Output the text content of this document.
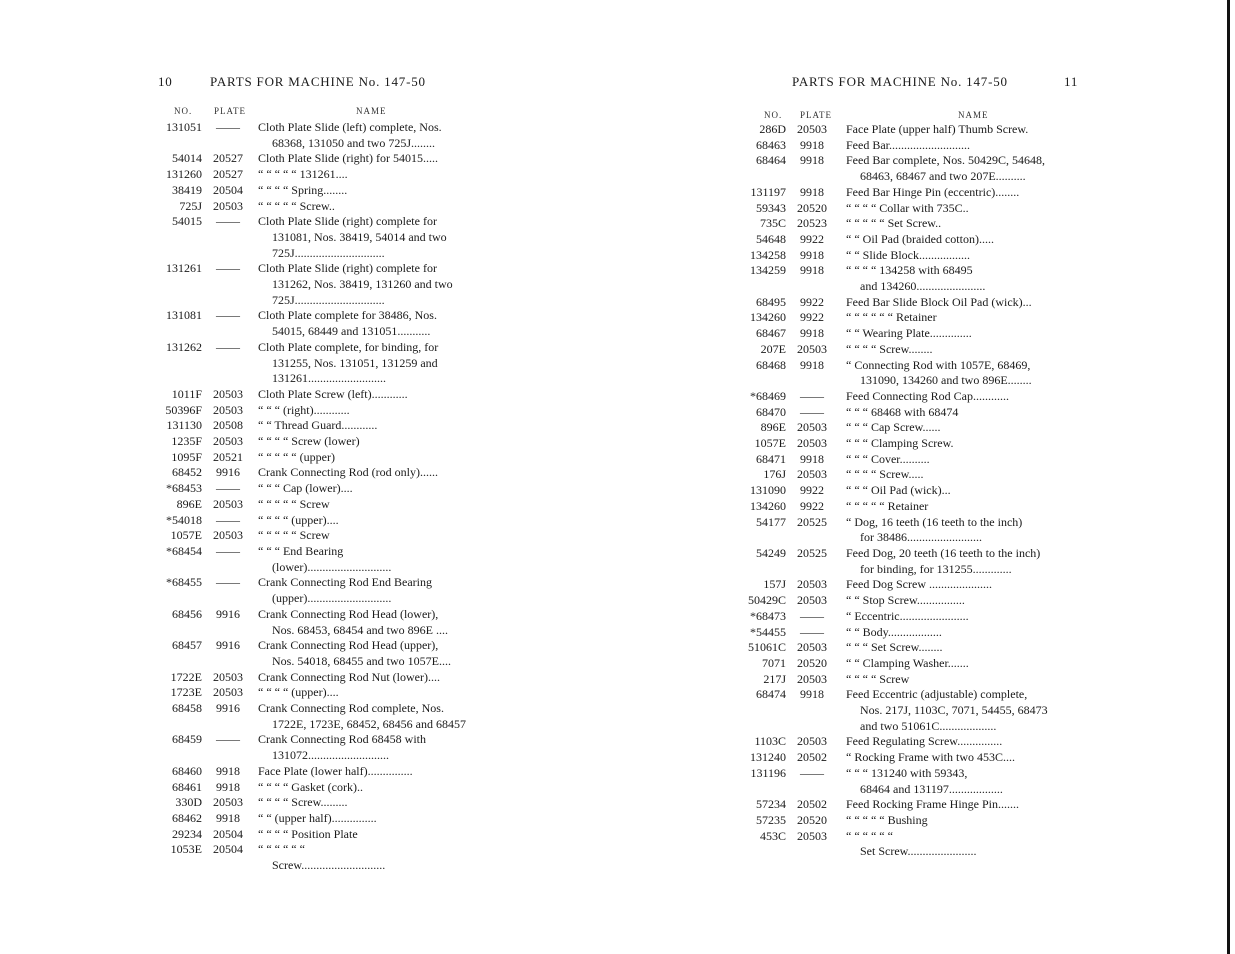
10	PARTS FOR MACHINE No. 147-50
NO. PLATE	NAME
131051	——	Cloth Plate Slide (left) complete, Nos.
68368, 131050 and two 725J........
54014 20527	Cloth Plate Slide (right) for 54015.....
131260 20527	“ “ “ “ “ 131261....
38419 20504	“ “ “ “ Spring........
725J 20503	“ “ “ “ “ Screw..
54015	——	Cloth Plate Slide (right) complete for
131081, Nos. 38419, 54014 and two
725J..............................
131261	——	Cloth Plate Slide (right) complete for
131262, Nos. 38419, 131260 and two
725J..............................
131081	——	Cloth Plate complete for 38486, Nos.
54015, 68449 and 131051...........
131262	——	Cloth Plate complete, for binding, for
131255, Nos. 131051, 131259 and
131261..........................
1011F 20503	Cloth Plate Screw (left)............
50396F 20503	“ “ “ (right)............
131130 20508	“ “ Thread Guard............
1235F 20503	“ “ “ “ Screw (lower)
1095F 20521	“ “ “ “ “ (upper)
68452	9916	Crank Connecting Rod (rod only)......
*68453	——	“ “ “ Cap (lower)....
896E 20503	“ “ “ “ “ Screw
*54018	——	“ “ “ “ (upper)....
1057E 20503	“ “ “ “ “ Screw
*68454	——	“ “ “ End Bearing
(lower)............................
*68455	——	Crank Connecting Rod End Bearing
(upper)............................
68456	9916	Crank Connecting Rod Head (lower),
Nos. 68453, 68454 and two 896E ....
68457	9916	Crank Connecting Rod Head (upper),
Nos. 54018, 68455 and two 1057E....
1722E 20503	Crank Connecting Rod Nut (lower)....
1723E 20503	“ “ “ “ (upper)....
68458	9916	Crank Connecting Rod complete, Nos.
1722E, 1723E, 68452, 68456 and 68457
68459	——	Crank Connecting Rod 68458 with
131072...........................
68460	9918	Face Plate (lower half)...............
68461	9918	“ “ “ “ Gasket (cork)..
330D 20503	“ “ “ “ Screw.........
68462	9918	“ “ (upper half)...............
29234 20504	“ “ “ “ Position Plate
1053E 20504	“ “ “ “ “ “
Screw............................
PARTS FOR MACHINE No. 147-50	11
NO. PLATE	NAME
286D 20503	Face Plate (upper half) Thumb Screw.
68463	9918	Feed Bar...........................
68464	9918	Feed Bar complete, Nos. 50429C, 54648,
68463, 68467 and two 207E..........
131197	9918	Feed Bar Hinge Pin (eccentric)........
59343 20520	“ “ “ “ Collar with 735C..
735C 20523	“ “ “ “ “ Set Screw..
54648	9922	“ “ Oil Pad (braided cotton).....
134258	9918	“ “ Slide Block.................
134259	9918	“ “ “ “ 134258 with 68495
and 134260.......................
68495	9922	Feed Bar Slide Block Oil Pad (wick)...
134260	9922	“ “ “ “ “ “ Retainer
68467	9918	“ “ Wearing Plate..............
207E 20503	“ “ “ “ Screw........
68468	9918	“ Connecting Rod with 1057E, 68469,
131090, 134260 and two 896E........
*68469	——	Feed Connecting Rod Cap............
68470	——	“ “ “ 68468 with 68474
896E 20503	“ “ “ Cap Screw......
1057E 20503	“ “ “ Clamping Screw.
68471	9918	“ “ “ Cover..........
176J 20503	“ “ “ “ Screw.....
131090	9922	“ “ “ Oil Pad (wick)...
134260	9922	“ “ “ “ “ Retainer
54177 20525	“ Dog, 16 teeth (16 teeth to the inch)
for 38486.........................
54249 20525	Feed Dog, 20 teeth (16 teeth to the inch)
for binding, for 131255.............
157J 20503	Feed Dog Screw .....................
50429C 20503	“ “ Stop Screw................
*68473	——	“ Eccentric.......................
*54455	——	“ “ Body..................
51061C 20503	“ “ “ Set Screw........
7071 20520	“ “ Clamping Washer.......
217J 20503	“ “ “ “ Screw
68474	9918	Feed Eccentric (adjustable) complete,
Nos. 217J, 1103C, 7071, 54455, 68473
and two 51061C...................
1103C 20503	Feed Regulating Screw...............
131240 20502	“ Rocking Frame with two 453C....
131196	——	“ “ “ 131240 with 59343,
68464 and 131197..................
57234 20502	Feed Rocking Frame Hinge Pin.......
57235 20520	“ “ “ “ “ Bushing
453C 20503	“ “ “ “ “ “
Set Screw.......................
